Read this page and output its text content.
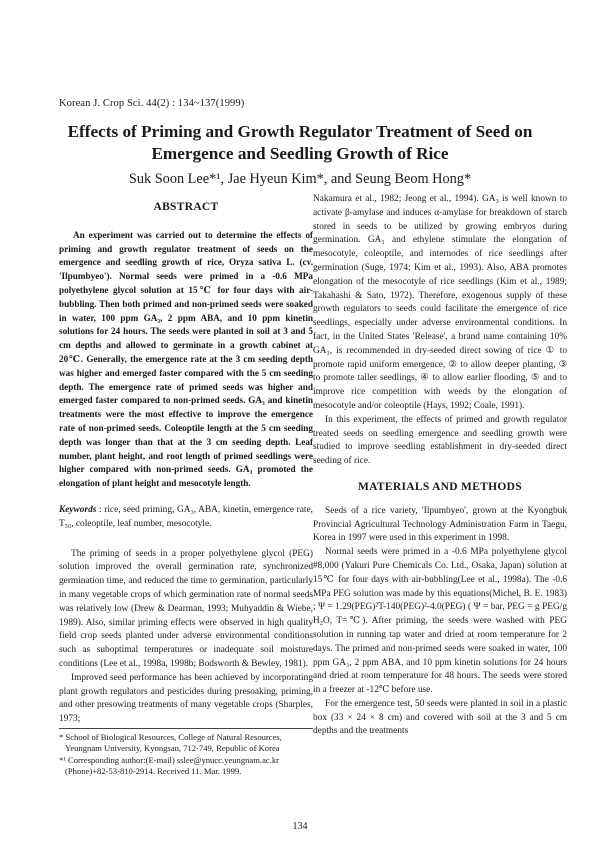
Korean J. Crop Sci. 44(2) : 134~137(1999)
Effects of Priming and Growth Regulator Treatment of Seed on
Emergence and Seedling Growth of Rice
Suk Soon Lee*¹, Jae Hyeun Kim*, and Seung Beom Hong*
ABSTRACT

An experiment was carried out to determine the effects of priming and growth regulator treatment of seeds on the emergence and seedling growth of rice, Oryza sativa L. (cv. 'Ilpumbyeo'). Normal seeds were primed in a -0.6 MPa polyethylene glycol solution at 15℃ for four days with air-bubbling. Then both primed and non-primed seeds were soaked in water, 100 ppm GA₃, 2 ppm ABA, and 10 ppm kinetin solutions for 24 hours. The seeds were planted in soil at 3 and 5 cm depths and allowed to germinate in a growth cabinet at 20℃. Generally, the emergence rate at the 3 cm seeding depth was higher and emerged faster compared with the 5 cm seeding depth. The emergence rate of primed seeds was higher and emerged faster compared to non-primed seeds. GA₃ and kinetin treatments were the most effective to improve the emergence rate of non-primed seeds. Coleoptile length at the 5 cm seeding depth was longer than that at the 3 cm seeding depth. Leaf number, plant height, and root length of primed seedlings were higher compared with non-primed seeds. GA₃ promoted the elongation of plant height and mesocotyle length.

Keywords : rice, seed priming, GA₃, ABA, kinetin, emergence rate, T₅₀, coleoptile, leaf number, mesocotyle.

The priming of seeds in a proper polyethylene glycol (PEG) solution improved the overall germination rate, synchronized germination time, and reduced the time to germination, particularly in many vegetable crops of which germination rate of normal seeds was relatively low (Drew & Dearman, 1993; Muhyaddin & Wiebe, 1989). Also, similar priming effects were observed in high quality field crop seeds planted under adverse environmental conditions such as suboptimal temperatures or inadequate soil moisture conditions (Lee et al., 1998a, 1998b; Bodsworth & Bewley, 1981).

Improved seed performance has been achieved by incorporating plant growth regulators and pesticides during presoaking, priming, and other presowing treatments of many vegetable crops (Sharples, 1973;

* School of Biological Resources, College of Natural Resources, Yeungnam University, Kyongsan, 712-749, Republic of Korea
*¹ Corresponding author:(E-mail) sslee@ynucc.yeungnam.ac.kr (Phone)+82-53-810-2914. Received 11. Mar. 1999.

Nakamura et al., 1982; Jeong et al., 1994). GA₃ is well known to activate β-amylase and induces α-amylase for breakdown of starch stored in seeds to be utilized by growing embryos during germination. GA₃ and ethylene stimulate the elongation of mesocotyle, coleoptile, and internodes of rice seedlings after germination (Suge, 1974; Kim et al., 1993). Also, ABA promotes elongation of the mesocotyle of rice seedlings (Kim et al., 1989; Takahashi & Sato, 1972). Therefore, exogenous supply of these growth regulators to seeds could facilitate the emergence of rice seedlings, especially under adverse environmental conditions. In fact, in the United States 'Release', a brand name containing 10% GA₃, is recommended in dry-seeded direct sowing of rice ① to promote rapid uniform emergence, ② to allow deeper planting, ③ to promote taller seedlings, ④ to allow earlier flooding, ⑤ and to improve rice competition with weeds by the elongation of mesocotyle and/or coleoptile (Hays, 1992; Coale, 1991).

In this experiment, the effects of primed and growth regulator treated seeds on seedling emergence and seedling growth were studied to improve seedling establishment in dry-seeded direct seeding of rice.

MATERIALS AND METHODS

Seeds of a rice variety, 'Ilpumbyeo', grown at the Kyongbuk Provincial Agricultural Technology Administration Farm in Taegu, Korea in 1997 were used in this experiment in 1998.

Normal seeds were primed in a -0.6 MPa polyethylene glycol #8,000 (Yakuri Pure Chemicals Co. Ltd., Osaka, Japan) solution at 15℃ for four days with air-bubbling(Lee et al., 1998a). The -0.6 MPa PEG solution was made by this equations(Michel, B. E. 1983) ; Ψ = 1.29(PEG)²T-140(PEG)²-4.0(PEG) ( Ψ = bar, PEG = g PEG/g H₂O, T=℃). After priming, the seeds were washed with PEG solution in running tap water and dried at room temperature for 2 days. The primed and non-primed seeds were soaked in water, 100 ppm GA₃, 2 ppm ABA, and 10 ppm kinetin solutions for 24 hours and dried at room temperature for 48 hours. The seeds were stored in a freezer at -12℃ before use.

For the emergence test, 50 seeds were planted in soil in a plastic box (33 × 24 × 8 cm) and covered with soil at the 3 and 5 cm depths and the treatments

134
